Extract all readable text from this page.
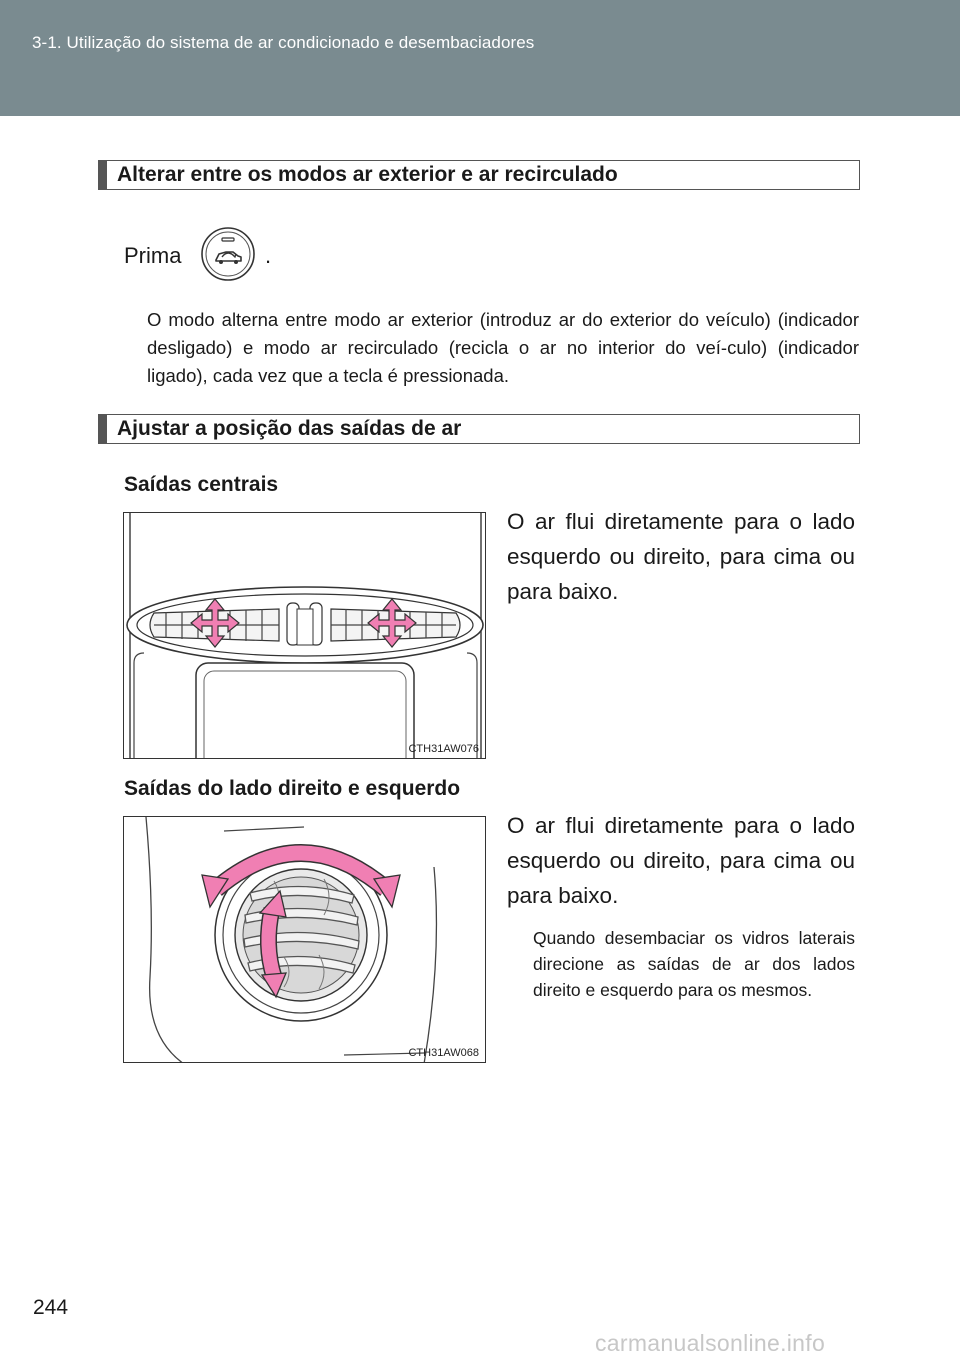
3-1. Utilização do sistema de ar condicionado e desembaciadores
Alterar entre os modos ar exterior e ar recirculado
Prima	.
O modo alterna entre modo ar exterior (introduz ar do exterior do veículo) (indicador desligado) e modo ar recirculado (recicla o ar no interior do veí-culo) (indicador ligado), cada vez que a tecla é pressionada.
Ajustar a posição das saídas de ar
Saídas centrais
CTH31AW076
O ar flui diretamente para o lado esquerdo ou direito, para cima ou para baixo.
Saídas do lado direito e esquerdo
CTH31AW068
O ar flui diretamente para o lado esquerdo ou direito, para cima ou para baixo.
Quando desembaciar os vidros laterais direcione as saídas de ar dos lados direito e esquerdo para os mesmos.
244
carmanualsonline.info
